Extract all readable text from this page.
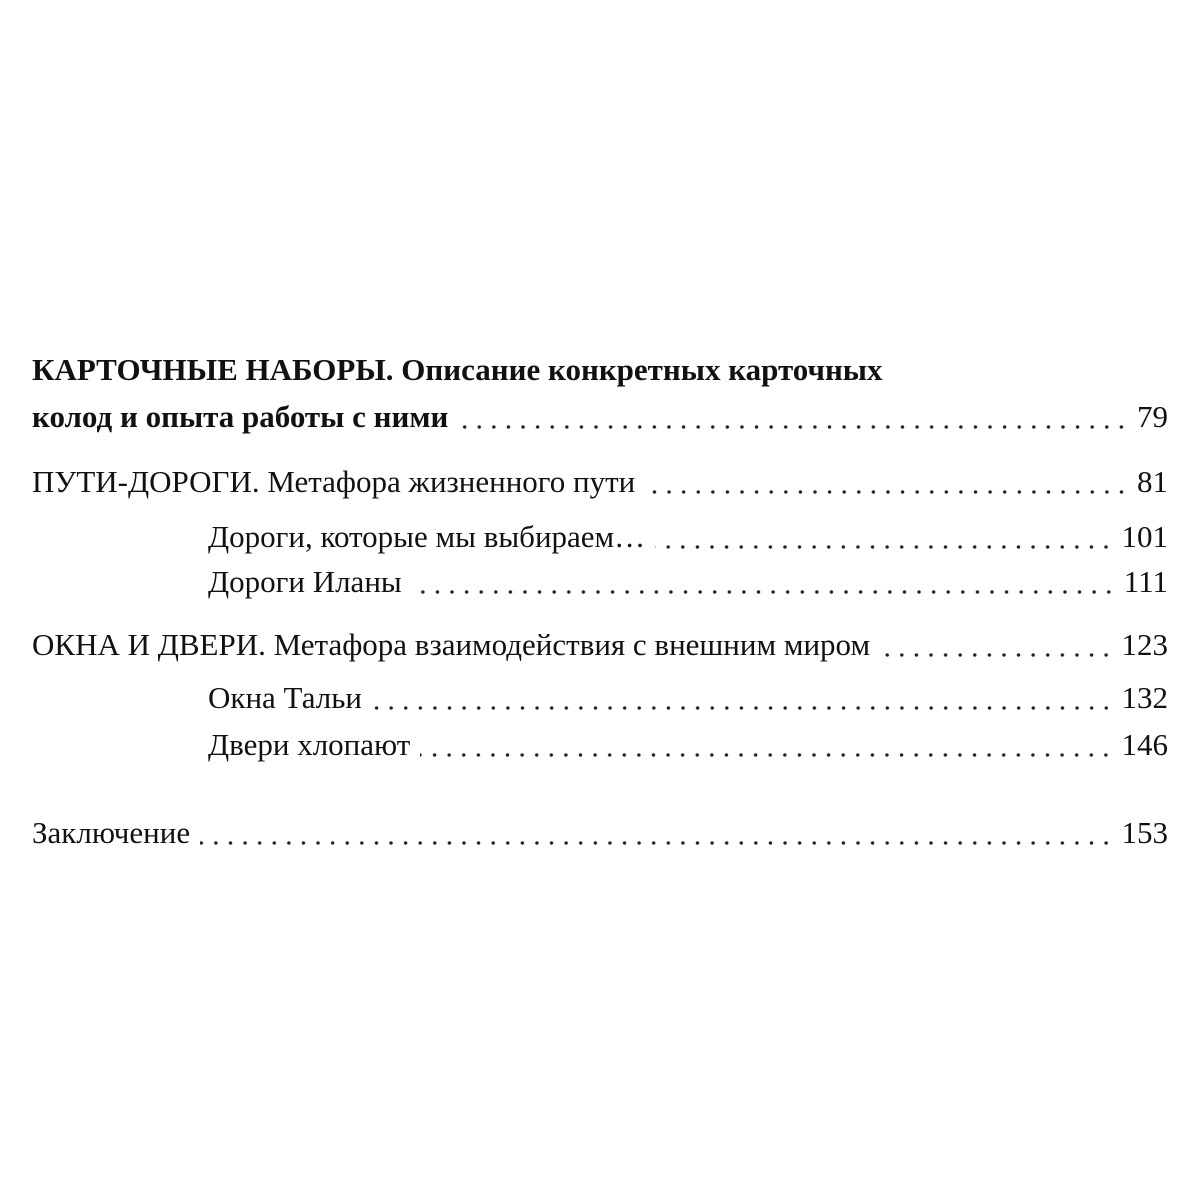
КАРТОЧНЫЕ НАБОРЫ.
Описание конкретных карточных
колод и опыта работы с ними	79
ПУТИ-ДОРОГИ. Метафора жизненного пути	81
Дороги, которые мы выбираем…	101
Дороги Иланы	111
ОКНА И ДВЕРИ. Метафора взаимодействия с внешним миром	123
Окна Тальи	132
Двери хлопают	146
Заключение	153
